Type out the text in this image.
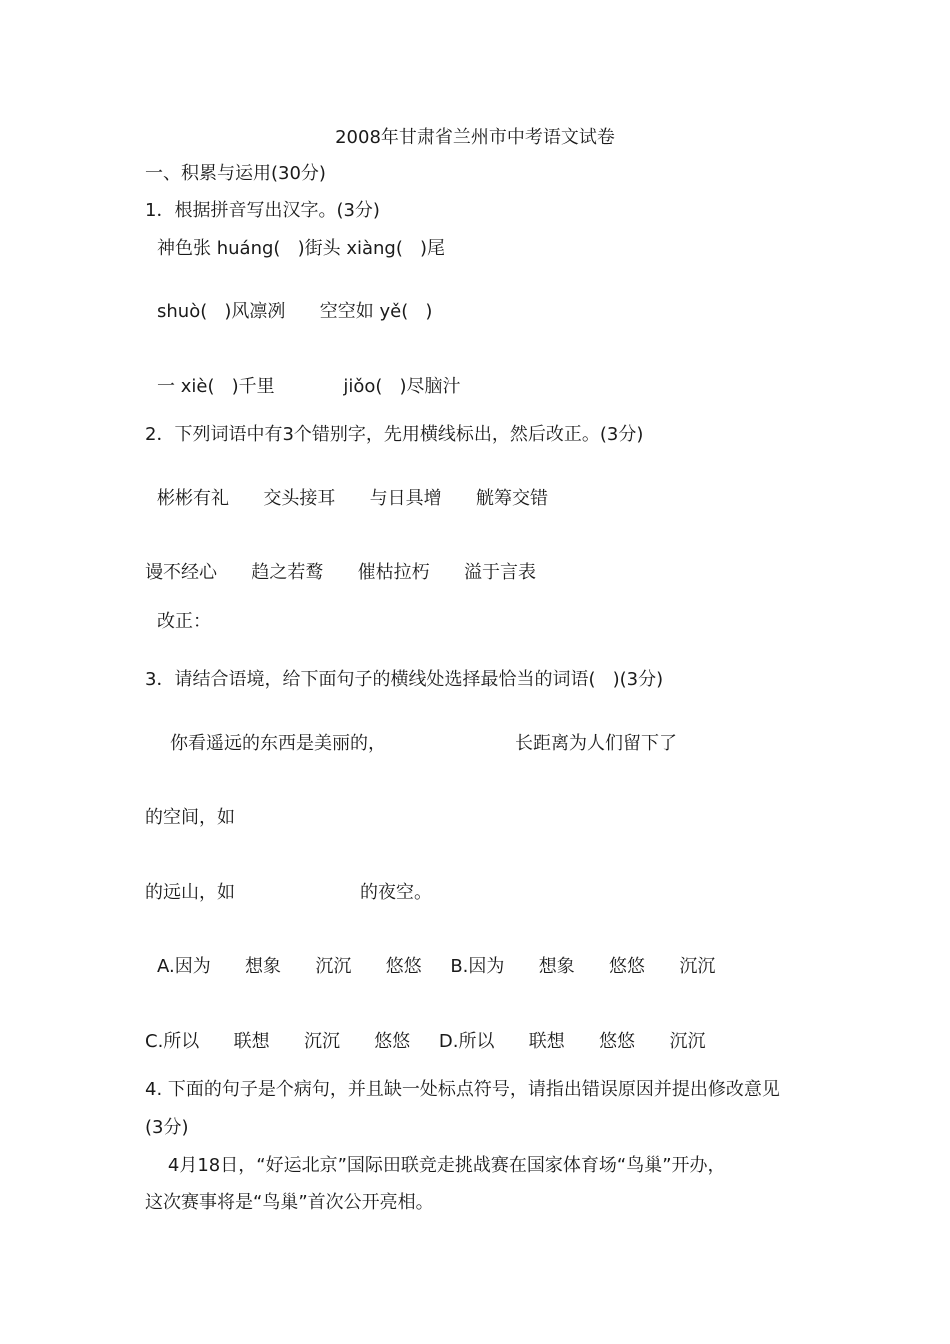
2008年甘肃省兰州市中考语文试卷
一、积累与运用(30分)
1．根据拼音写出汉字。(3分)
神色张 huáng(   )街头 xiàng(   )尾
shuò(   )风凛冽      空空如 yě(   )
一 xiè(   )千里            jiǒo(   )尽脑汁
2．下列词语中有3个错别字，先用横线标出，然后改正。(3分)
彬彬有礼      交头接耳      与日具增      觥筹交错
谩不经心      趋之若鹜      催枯拉朽      溢于言表
改正：
3．请结合语境，给下面句子的横线处选择最恰当的词语(   )(3分)
你看遥远的东西是美丽的，	长距离为人们留下了
的空间，如
的远山，如	的夜空。
A.因为      想象      沉沉      悠悠     B.因为      想象      悠悠      沉沉
C.所以      联想      沉沉      悠悠     D.所以      联想      悠悠      沉沉
4. 下面的句子是个病句，并且缺一处标点符号，请指出错误原因并提出修改意见
(3分)
4月18日，“好运北京”国际田联竞走挑战赛在国家体育场“鸟巢”开办，
这次赛事将是“鸟巢”首次公开亮相。
